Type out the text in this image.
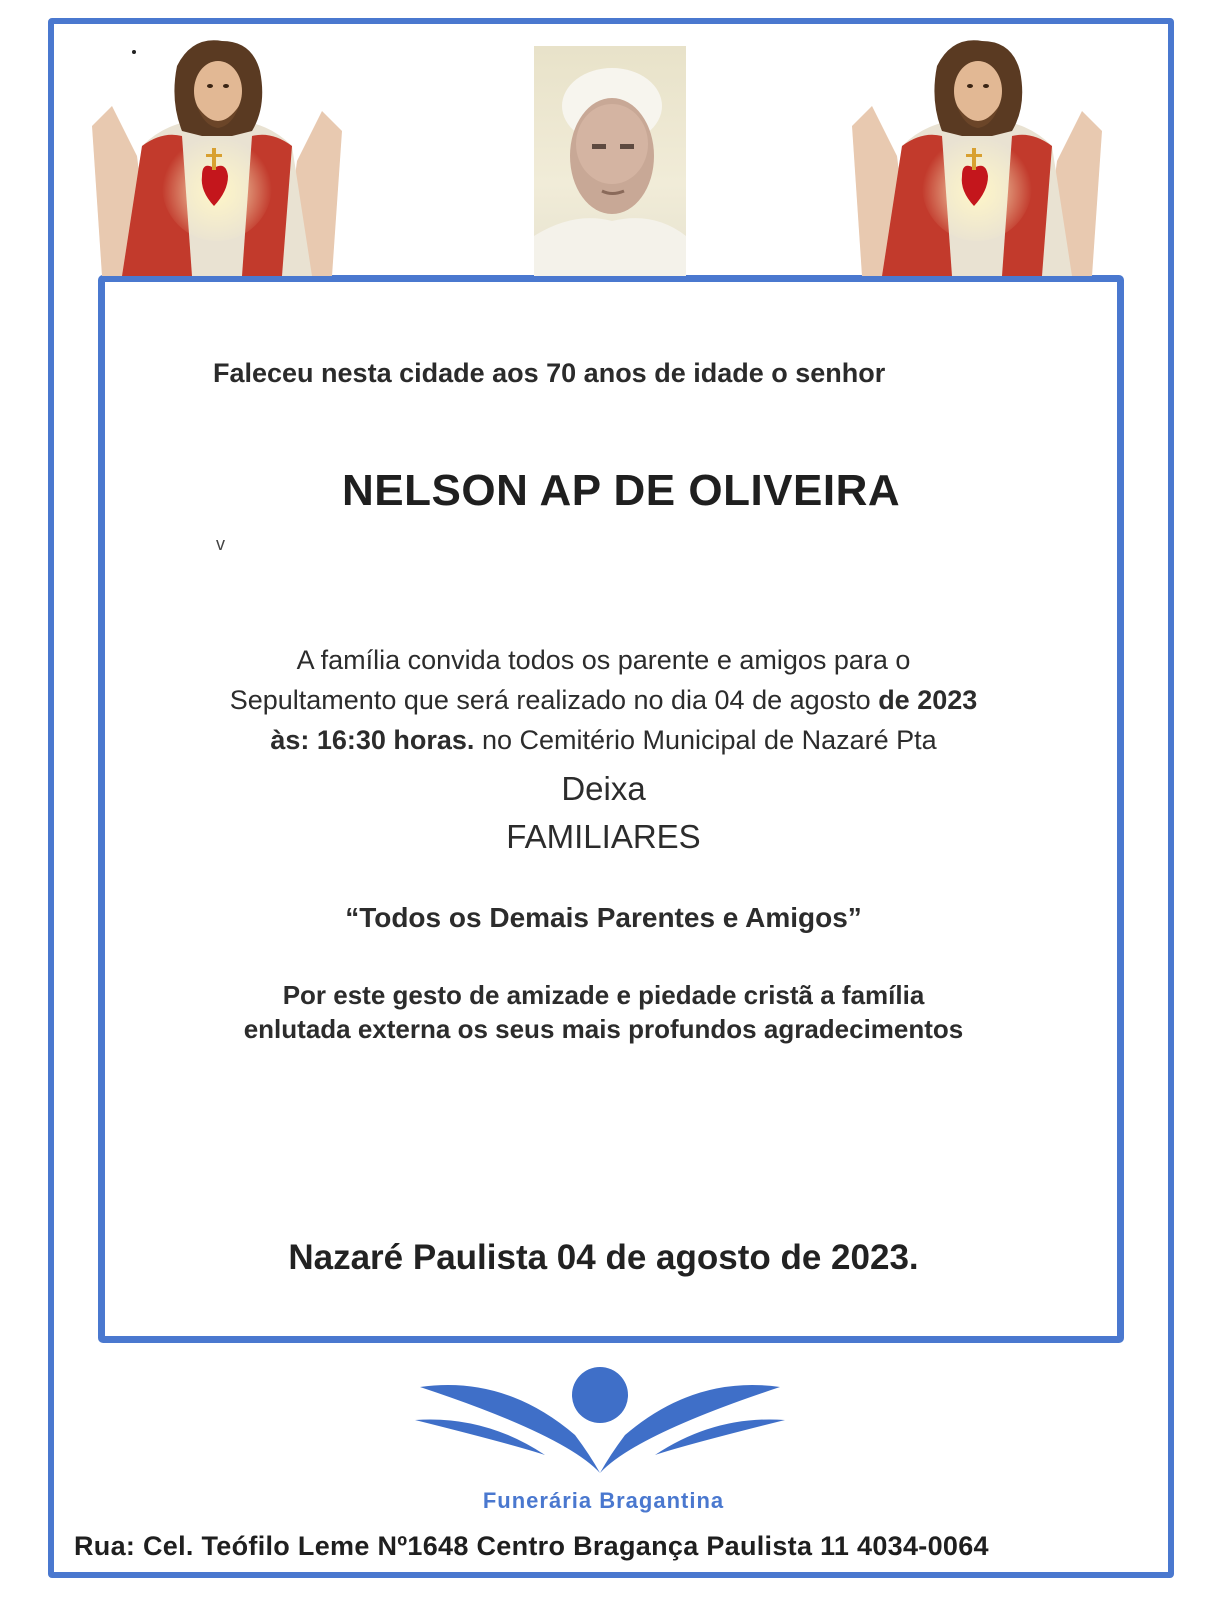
Faleceu nesta cidade aos 70 anos de idade o senhor
NELSON AP DE OLIVEIRA
v
A família convida todos os parente e amigos para o
Sepultamento que será realizado no dia 04 de agosto de 2023
às: 16:30 horas. no Cemitério Municipal de Nazaré Pta
Deixa
FAMILIARES
“Todos os Demais Parentes e Amigos”
Por este gesto de amizade e piedade cristã a família
enlutada externa os seus mais profundos agradecimentos
Nazaré Paulista 04 de agosto de 2023.
Funerária Bragantina
Rua: Cel. Teófilo Leme Nº1648 Centro Bragança Paulista 11 4034-0064
